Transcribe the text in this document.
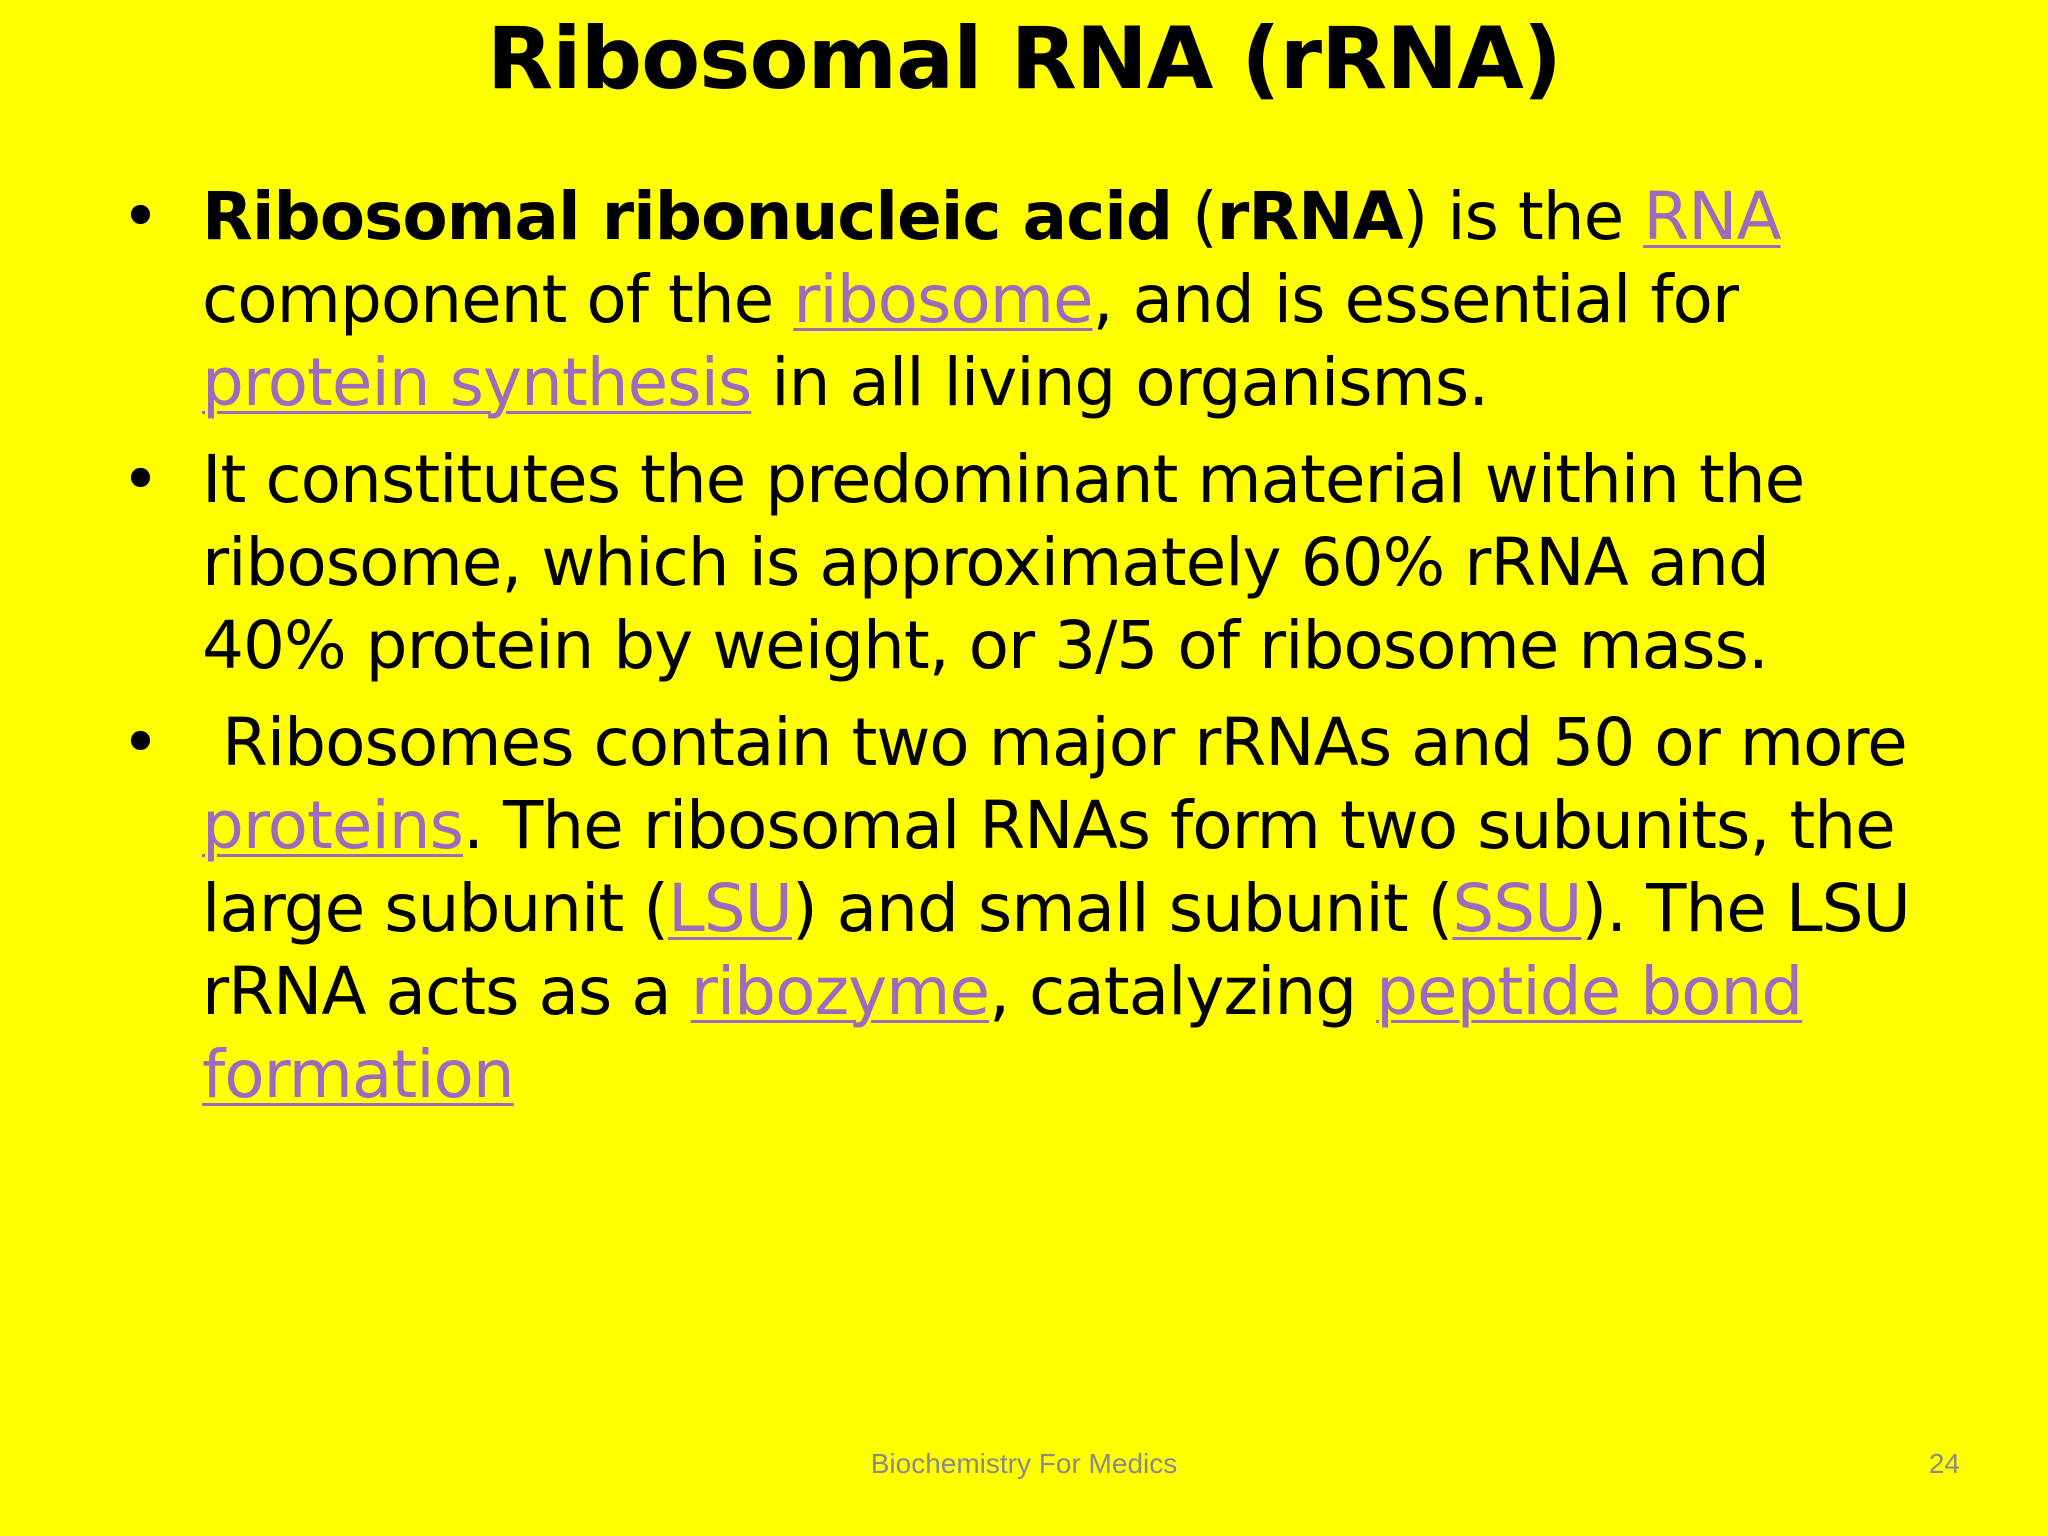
Ribosomal RNA (rRNA)
• Ribosomal ribonucleic acid (rRNA) is the RNA component of the ribosome, and is essential for protein synthesis in all living organisms.
• It constitutes the predominant material within the ribosome, which is approximately 60% rRNA and 40% protein by weight, or 3/5 of ribosome mass.
• Ribosomes contain two major rRNAs and 50 or more proteins. The ribosomal RNAs form two subunits, the large subunit (LSU) and small subunit (SSU). The LSU rRNA acts as a ribozyme, catalyzing peptide bond formation
Biochemistry For Medics	24
